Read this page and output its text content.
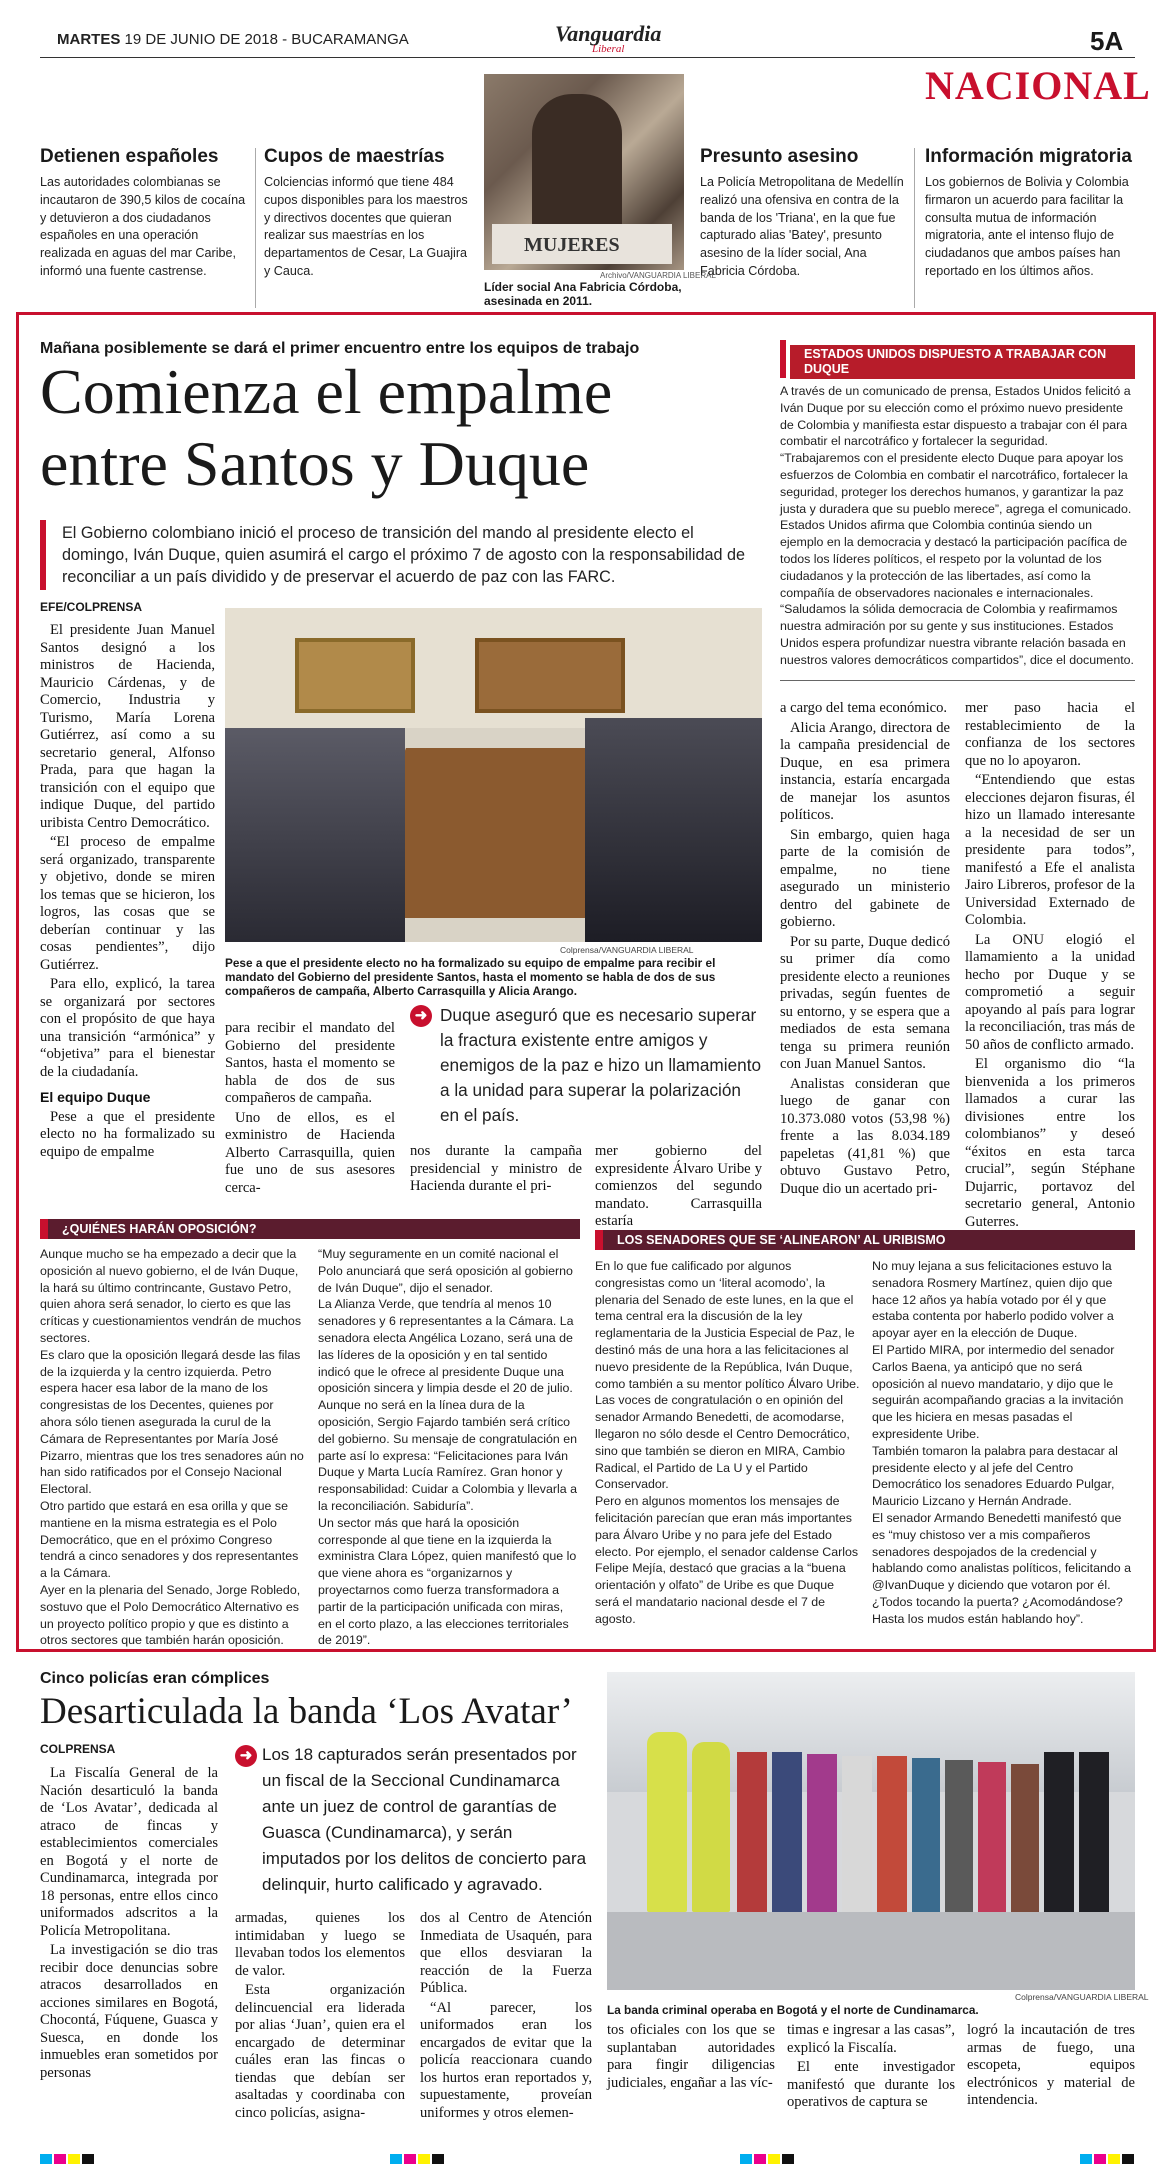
MARTES 19 DE JUNIO DE 2018 - BUCARAMANGA	Vanguardia
Liberal	5A
NACIONAL
Detienen españoles

Las autoridades colombianas se incautaron de 390,5 kilos de cocaína y detuvieron a dos ciudadanos españoles en una operación realizada en aguas del mar Caribe, informó una fuente castrense.

Cupos de maestrías

Colciencias informó que tiene 484 cupos disponibles para los maestros y directivos docentes que quieran realizar sus maestrías en los departamentos de Cesar, La Guajira y Cauca.

MUJERES
Archivo/VANGUARDIA LIBERAL
Líder social Ana Fabricia Córdoba, asesinada en 2011.
Presunto asesino

La Policía Metropolitana de Medellín realizó una ofensiva en contra de la banda de los 'Triana', en la que fue capturado alias 'Batey', presunto asesino de la líder social, Ana Fabricia Córdoba.

Información migratoria

Los gobiernos de Bolivia y Colombia firmaron un acuerdo para facilitar la consulta mutua de información migratoria, ante el intenso flujo de ciudadanos que ambos países han reportado en los últimos años.

Mañana posiblemente se dará el primer encuentro entre los equipos de trabajo
Comienza el empalme
entre Santos y Duque
El Gobierno colombiano inició el proceso de transición del mando al presidente electo el domingo, Iván Duque, quien asumirá el cargo el próximo 7 de agosto con la responsabilidad de reconciliar a un país dividido y de preservar el acuerdo de paz con las FARC.
EFE/COLPRENSA
ESTADOS UNIDOS DISPUESTO A TRABAJAR CON DUQUE

A través de un comunicado de prensa, Estados Unidos felicitó a Iván Duque por su elección como el próximo nuevo presidente de Colombia y manifiesta estar dispuesto a trabajar con él para combatir el narcotráfico y fortalecer la seguridad.

“Trabajaremos con el presidente electo Duque para apoyar los esfuerzos de Colombia en combatir el narcotráfico, fortalecer la seguridad, proteger los derechos humanos, y garantizar la paz justa y duradera que su pueblo merece”, agrega el comunicado.

Estados Unidos afirma que Colombia continúa siendo un ejemplo en la democracia y destacó la participación pacífica de todos los líderes políticos, el respeto por la voluntad de los ciudadanos y la protección de las libertades, así como la compañía de observadores nacionales e internacionales.

“Saludamos la sólida democracia de Colombia y reafirmamos nuestra admiración por su gente y sus instituciones. Estados Unidos espera profundizar nuestra vibrante relación basada en nuestros valores democráticos compartidos”, dice el documento.

El presidente Juan Manuel Santos designó a los ministros de Hacienda, Mauricio Cárdenas, y de Comercio, Industria y Turismo, María Lorena Gutiérrez, así como a su secretario general, Alfonso Prada, para que hagan la transición con el equipo que indique Duque, del partido uribista Centro Democrático.

“El proceso de empalme será organizado, transparente y objetivo, donde se miren los temas que se hicieron, los logros, las cosas que se deberían continuar y las cosas pendientes”, dijo Gutiérrez.

Para ello, explicó, la tarea se organizará por sectores con el propósito de que haya una transición “armónica” y “objetiva” para el bienestar de la ciudadanía.

El equipo Duque

Pese a que el presidente electo no ha formalizado su equipo de empalme

Colprensa/VANGUARDIA LIBERAL
Pese a que el presidente electo no ha formalizado su equipo de empalme para recibir el mandato del Gobierno del presidente Santos, hasta el momento se habla de dos de sus compañeros de campaña, Alberto Carrasquilla y Alicia Arango.

para recibir el mandato del Gobierno del presidente Santos, hasta el momento se habla de dos de sus compañeros de campaña.

Uno de ellos, es el exministro de Hacienda Alberto Carrasquilla, quien fue uno de sus asesores cerca-

➜ Duque aseguró que es necesario superar la fractura existente entre amigos y enemigos de la paz e hizo un llamamiento a la unidad para superar la polarización en el país.

nos durante la campaña presidencial y ministro de Hacienda durante el pri-

mer gobierno del expresidente Álvaro Uribe y comienzos del segundo mandato. Carrasquilla estaría

a cargo del tema económico.

Alicia Arango, directora de la campaña presidencial de Duque, en esa primera instancia, estaría encargada de manejar los asuntos políticos.

Sin embargo, quien haga parte de la comisión de empalme, no tiene asegurado un ministerio dentro del gabinete de gobierno.

Por su parte, Duque dedicó su primer día como presidente electo a reuniones privadas, según fuentes de su entorno, y se espera que a mediados de esta semana tenga su primera reunión con Juan Manuel Santos.

Analistas consideran que luego de ganar con 10.373.080 votos (53,98 %) frente a las 8.034.189 papeletas (41,81 %) que obtuvo Gustavo Petro, Duque dio un acertado pri-

mer paso hacia el restablecimiento de la confianza de los sectores que no lo apoyaron.

“Entendiendo que estas elecciones dejaron fisuras, él hizo un llamado interesante a la necesidad de ser un presidente para todos”, manifestó a Efe el analista Jairo Libreros, profesor de la Universidad Externado de Colombia.

La ONU elogió el llamamiento a la unidad hecho por Duque y se comprometió a seguir apoyando al país para lograr la reconciliación, tras más de 50 años de conflicto armado.

El organismo dio “la bienvenida a los primeros llamados a curar las divisiones entre los colombianos” y deseó “éxitos en esta tarca crucial”, según Stéphane Dujarric, portavoz del secretario general, Antonio Guterres.

¿QUIÉNES HARÁN OPOSICIÓN?

Aunque mucho se ha empezado a decir que la oposición al nuevo gobierno, el de Iván Duque, la hará su último contrincante, Gustavo Petro, quien ahora será senador, lo cierto es que las críticas y cuestionamientos vendrán de muchos sectores.

Es claro que la oposición llegará desde las filas de la izquierda y la centro izquierda. Petro espera hacer esa labor de la mano de los congresistas de los Decentes, quienes por ahora sólo tienen asegurada la curul de la Cámara de Representantes por María José Pizarro, mientras que los tres senadores aún no han sido ratificados por el Consejo Nacional Electoral.

Otro partido que estará en esa orilla y que se mantiene en la misma estrategia es el Polo Democrático, que en el próximo Congreso tendrá a cinco senadores y dos representantes a la Cámara.

Ayer en la plenaria del Senado, Jorge Robledo, sostuvo que el Polo Democrático Alternativo es un proyecto político propio y que es distinto a otros sectores que también harán oposición.

“Muy seguramente en un comité nacional el Polo anunciará que será oposición al gobierno de Iván Duque”, dijo el senador.

La Alianza Verde, que tendría al menos 10 senadores y 6 representantes a la Cámara. La senadora electa Angélica Lozano, será una de las líderes de la oposición y en tal sentido indicó que le ofrece al presidente Duque una oposición sincera y limpia desde el 20 de julio.

Aunque no será en la línea dura de la oposición, Sergio Fajardo también será crítico del gobierno. Su mensaje de congratulación en parte así lo expresa: “Felicitaciones para Iván Duque y Marta Lucía Ramírez. Gran honor y responsabilidad: Cuidar a Colombia y llevarla a la reconciliación. Sabiduría”.

Un sector más que hará la oposición corresponde al que tiene en la izquierda la exministra Clara López, quien manifestó que lo que viene ahora es “organizarnos y proyectarnos como fuerza transformadora a partir de la participación unificada con miras, en el corto plazo, a las elecciones territoriales de 2019”.

LOS SENADORES QUE SE ‘ALINEARON’ AL URIBISMO

En lo que fue calificado por algunos congresistas como un ‘literal acomodo’, la plenaria del Senado de este lunes, en la que el tema central era la discusión de la ley reglamentaria de la Justicia Especial de Paz, le destinó más de una hora a las felicitaciones al nuevo presidente de la República, Iván Duque, como también a su mentor político Álvaro Uribe.

Las voces de congratulación o en opinión del senador Armando Benedetti, de acomodarse, llegaron no sólo desde el Centro Democrático, sino que también se dieron en MIRA, Cambio Radical, el Partido de La U y el Partido Conservador.

Pero en algunos momentos los mensajes de felicitación parecían que eran más importantes para Álvaro Uribe y no para jefe del Estado electo. Por ejemplo, el senador caldense Carlos Felipe Mejía, destacó que gracias a la “buena orientación y olfato” de Uribe es que Duque será el mandatario nacional desde el 7 de agosto.

No muy lejana a sus felicitaciones estuvo la senadora Rosmery Martínez, quien dijo que hace 12 años ya había votado por él y que estaba contenta por haberlo podido volver a apoyar ayer en la elección de Duque.

El Partido MIRA, por intermedio del senador Carlos Baena, ya anticipó que no será oposición al nuevo mandatario, y dijo que le seguirán acompañando gracias a la invitación que les hiciera en mesas pasadas el expresidente Uribe.

También tomaron la palabra para destacar al presidente electo y al jefe del Centro Democrático los senadores Eduardo Pulgar, Mauricio Lizcano y Hernán Andrade.

El senador Armando Benedetti manifestó que es “muy chistoso ver a mis compañeros senadores despojados de la credencial y hablando como analistas políticos, felicitando a @IvanDuque y diciendo que votaron por él. ¿Todos tocando la puerta? ¿Acomodándose? Hasta los mudos están hablando hoy”.

Cinco policías eran cómplices
Desarticulada la banda ‘Los Avatar’
COLPRENSA	➜ Los 18 capturados serán presentados por un fiscal de la Seccional Cundinamarca ante un juez de control de garantías de Guasca (Cundinamarca), y serán imputados por los delitos de concierto para delinquir, hurto calificado y agravado.

La Fiscalía General de la Nación desarticuló la banda de ‘Los Avatar’, dedicada al atraco de fincas y establecimientos comerciales en Bogotá y el norte de Cundinamarca, integrada por 18 personas, entre ellos cinco uniformados adscritos a la Policía Metropolitana.

La investigación se dio tras recibir doce denuncias sobre atracos desarrollados en acciones similares en Bogotá, Chocontá, Fúquene, Guasca y Suesca, en donde los inmuebles eran sometidos por personas

armadas, quienes los intimidaban y luego se llevaban todos los elementos de valor.

Esta organización delincuencial era liderada por alias ‘Juan’, quien era el encargado de determinar cuáles eran las fincas o tiendas que debían ser asaltadas y coordinaba con cinco policías, asigna-

dos al Centro de Atención Inmediata de Usaquén, para que ellos desviaran la reacción de la Fuerza Pública.

“Al parecer, los uniformados eran los encargados de evitar que la policía reaccionara cuando los hurtos eran reportados y, supuestamente, proveían uniformes y otros elemen-

Colprensa/VANGUARDIA LIBERAL
La banda criminal operaba en Bogotá y el norte de Cundinamarca.

tos oficiales con los que se suplantaban autoridades para fingir diligencias judiciales, engañar a las víc-

timas e ingresar a las casas”, explicó la Fiscalía.

El ente investigador manifestó que durante los operativos de captura se

logró la incautación de tres armas de fuego, una escopeta, equipos electrónicos y material de intendencia.
